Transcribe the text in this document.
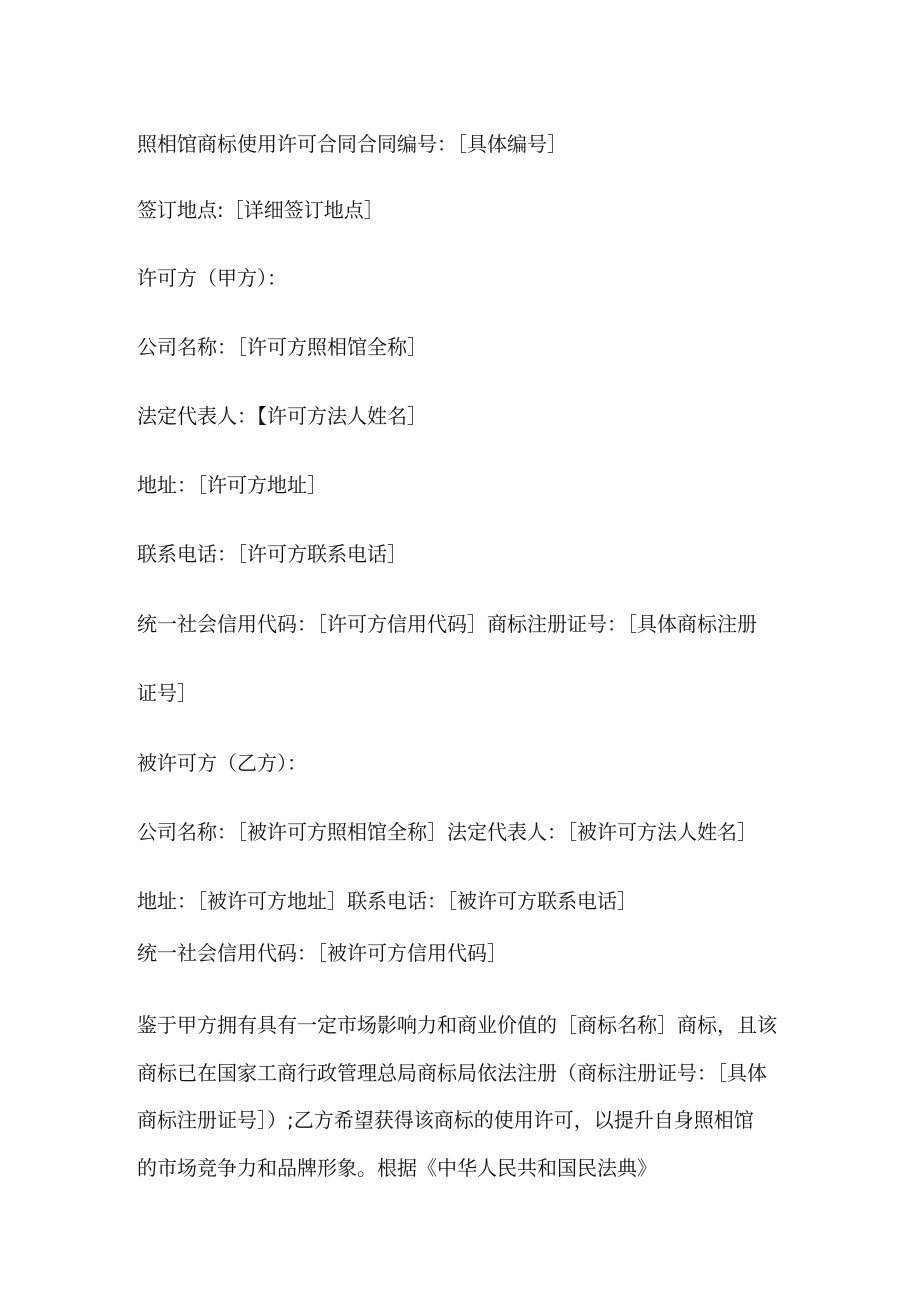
照相馆商标使用许可合同合同编号：［具体编号］

签订地点:［详细签订地点］

许可方（甲方）：

公司名称：［许可方照相馆全称］

法定代表人：【许可方法人姓名］

地址：［许可方地址］

联系电话：［许可方联系电话］

统一社会信用代码：［许可方信用代码］商标注册证号：［具体商标注册

证号］

被许可方（乙方）：

公司名称：［被许可方照相馆全称］法定代表人：［被许可方法人姓名］

地址：［被许可方地址］联系电话：［被许可方联系电话］

统一社会信用代码：［被许可方信用代码］

鉴于甲方拥有具有一定市场影响力和商业价值的［商标名称］商标，且该

商标已在国家工商行政管理总局商标局依法注册（商标注册证号：［具体

商标注册证号］）;乙方希望获得该商标的使用许可，以提升自身照相馆

的市场竞争力和品牌形象。根据《中华人民共和国民法典》
